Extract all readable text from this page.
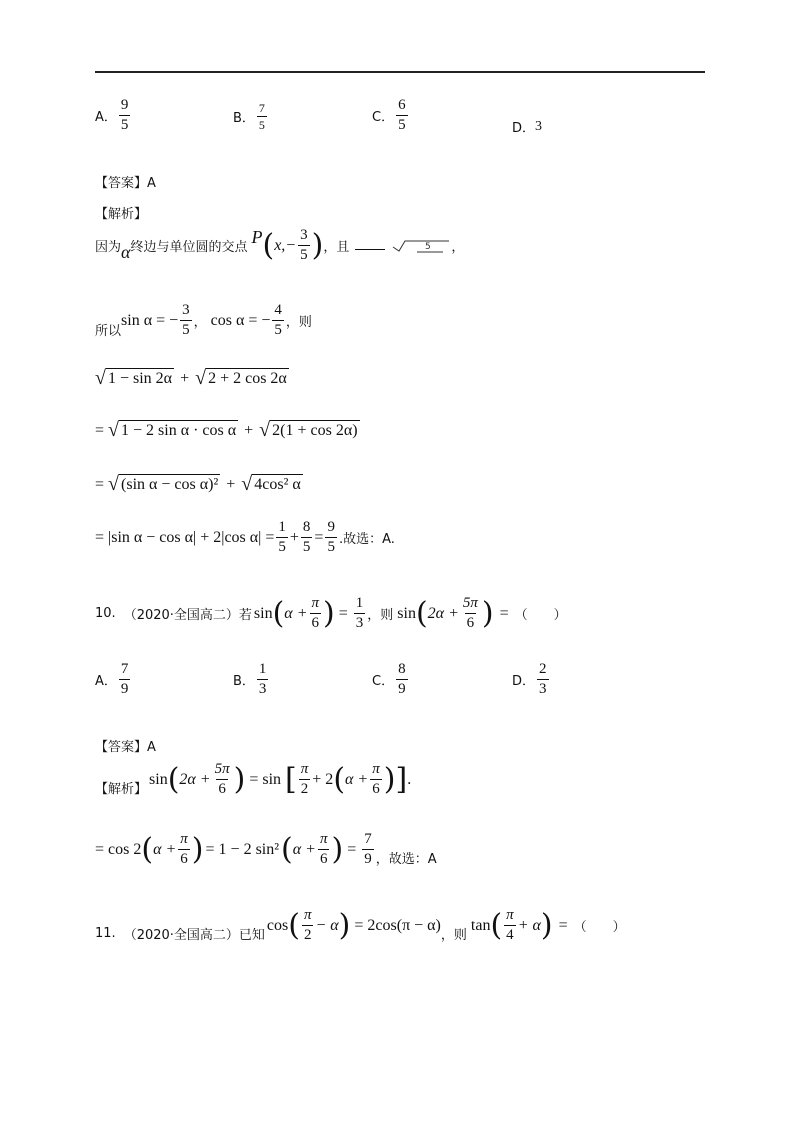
A． $\frac{9}{5}$	B． $\frac{7}{5}$	C． $\frac{6}{5}$	D． 3
【答案】A
【解析】
因为 α 终边与单位圆的交点
P ( $x,- \frac{3}{5}$ ) ，且	5 ，
所以
sin α = − $\frac{3}{5}$ ， cos α = − $\frac{4}{5}$ ，则
√ 1 − sin 2α + √ 2 + 2 cos 2α
= √ 1 − 2 sin α · cos α + √ 2(1 + cos 2α)
= √ (sin α − cos α)² + √ 4cos² α
= |sin α − cos α| + 2|cos $\alpha| = \frac{1}{5} + \frac{8}{5} = \frac{9}{5}$ .故选：A.
10. （2020·全国高二）若 sin ( $\alpha + \frac{\pi}{6}$ ) = $\frac{1}{3}$ ，则 sin ( $2\alpha + \frac{5\pi}{6}$ ) = （　　）
A． $\frac{7}{9}$	B． $\frac{1}{3}$	C． $\frac{8}{9}$	D． $\frac{2}{3}$
【答案】A
【解析】
sin ( $2\alpha + \frac{5\pi}{6}$ ) = sin [ $\frac{\pi}{2} + 2$ ( $\alpha + \frac{\pi}{6}$ ) ] .
= cos 2 ( $\alpha + \frac{\pi}{6}$ ) = 1 − 2 sin² ( $\alpha + \frac{\pi}{6}$ ) = $\frac{7}{9}$ ，故选：A
11. （2020·全国高二）已知
cos ( $\frac{\pi}{2} - \alpha$ ) = 2cos(π − α)
，则
tan ( $\frac{\pi}{4} + \alpha$ ) = （　　）
